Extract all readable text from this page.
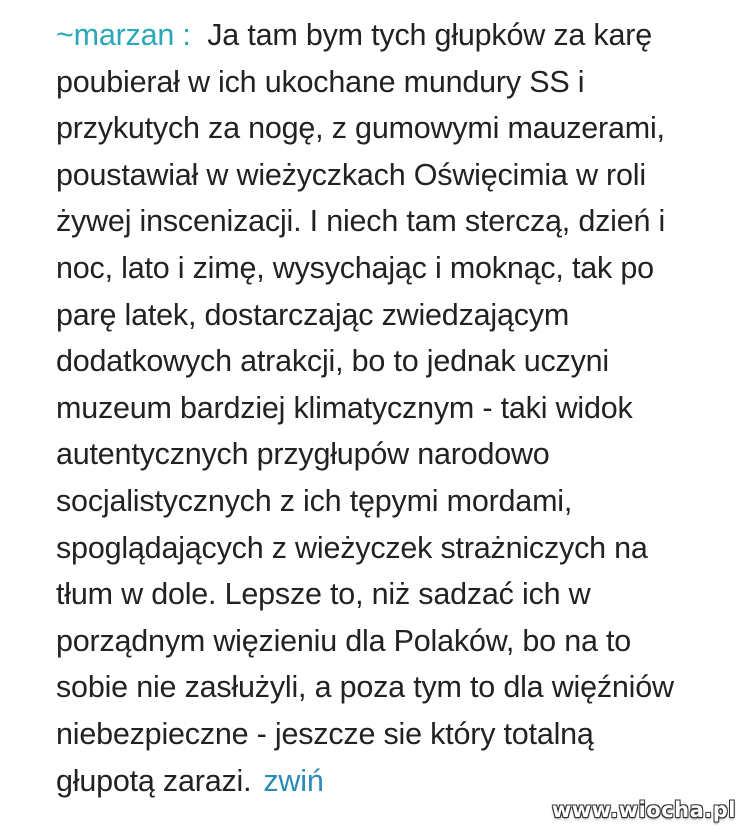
~marzan : Ja tam bym tych głupków za karę
poubierał w ich ukochane mundury SS i
przykutych za nogę, z gumowymi mauzerami,
poustawiał w wieżyczkach Oświęcimia w roli
żywej inscenizacji. I niech tam sterczą, dzień i
noc, lato i zimę, wysychając i moknąc, tak po
parę latek, dostarczając zwiedzającym
dodatkowych atrakcji, bo to jednak uczyni
muzeum bardziej klimatycznym - taki widok
autentycznych przygłupów narodowo
socjalistycznych z ich tępymi mordami,
spoglądających z wieżyczek strażniczych na
tłum w dole. Lepsze to, niż sadzać ich w
porządnym więzieniu dla Polaków, bo na to
sobie nie zasłużyli, a poza tym to dla więźniów
niebezpieczne - jeszcze sie który totalną
głupotą zarazi. zwiń
www.wiocha.pl
